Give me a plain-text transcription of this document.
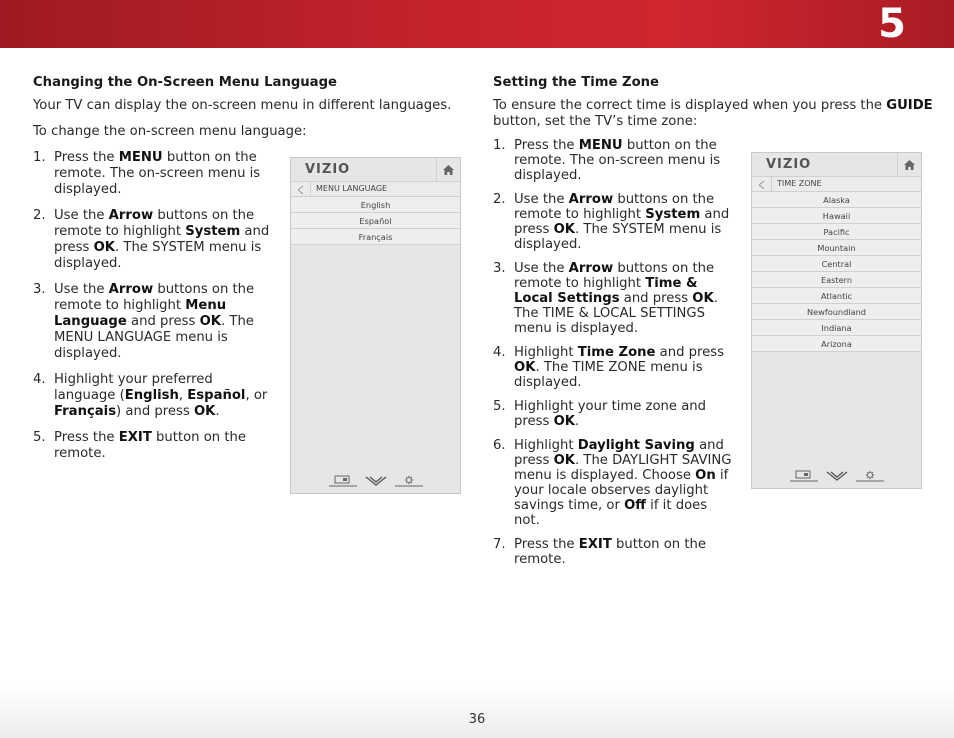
5
Changing the On-Screen Menu Language
Your TV can display the on-screen menu in different languages.
To change the on-screen menu language:
1. Press the MENU button on the remote. The on-screen menu is displayed.
2. Use the Arrow buttons on the remote to highlight System and press OK. The SYSTEM menu is displayed.
3. Use the Arrow buttons on the remote to highlight Menu Language and press OK. The MENU LANGUAGE menu is displayed.
4. Highlight your preferred language (English, Español, or Français) and press OK.
5. Press the EXIT button on the remote.
VIZIO
MENU LANGUAGE
English
Español
Français
Setting the Time Zone
To ensure the correct time is displayed when you press the GUIDE button, set the TV’s time zone:
1. Press the MENU button on the remote. The on-screen menu is displayed.
2. Use the Arrow buttons on the remote to highlight System and press OK. The SYSTEM menu is displayed.
3. Use the Arrow buttons on the remote to highlight Time & Local Settings and press OK. The TIME & LOCAL SETTINGS menu is displayed.
4. Highlight Time Zone and press OK. The TIME ZONE menu is displayed.
5. Highlight your time zone and press OK.
6. Highlight Daylight Saving and press OK. The DAYLIGHT SAVING menu is displayed. Choose On if your locale observes daylight savings time, or Off if it does not.
7. Press the EXIT button on the remote.
VIZIO
TIME ZONE
Alaska
Hawaii
Pacific
Mountain
Central
Eastern
Atlantic
Newfoundland
Indiana
Arizona
36
